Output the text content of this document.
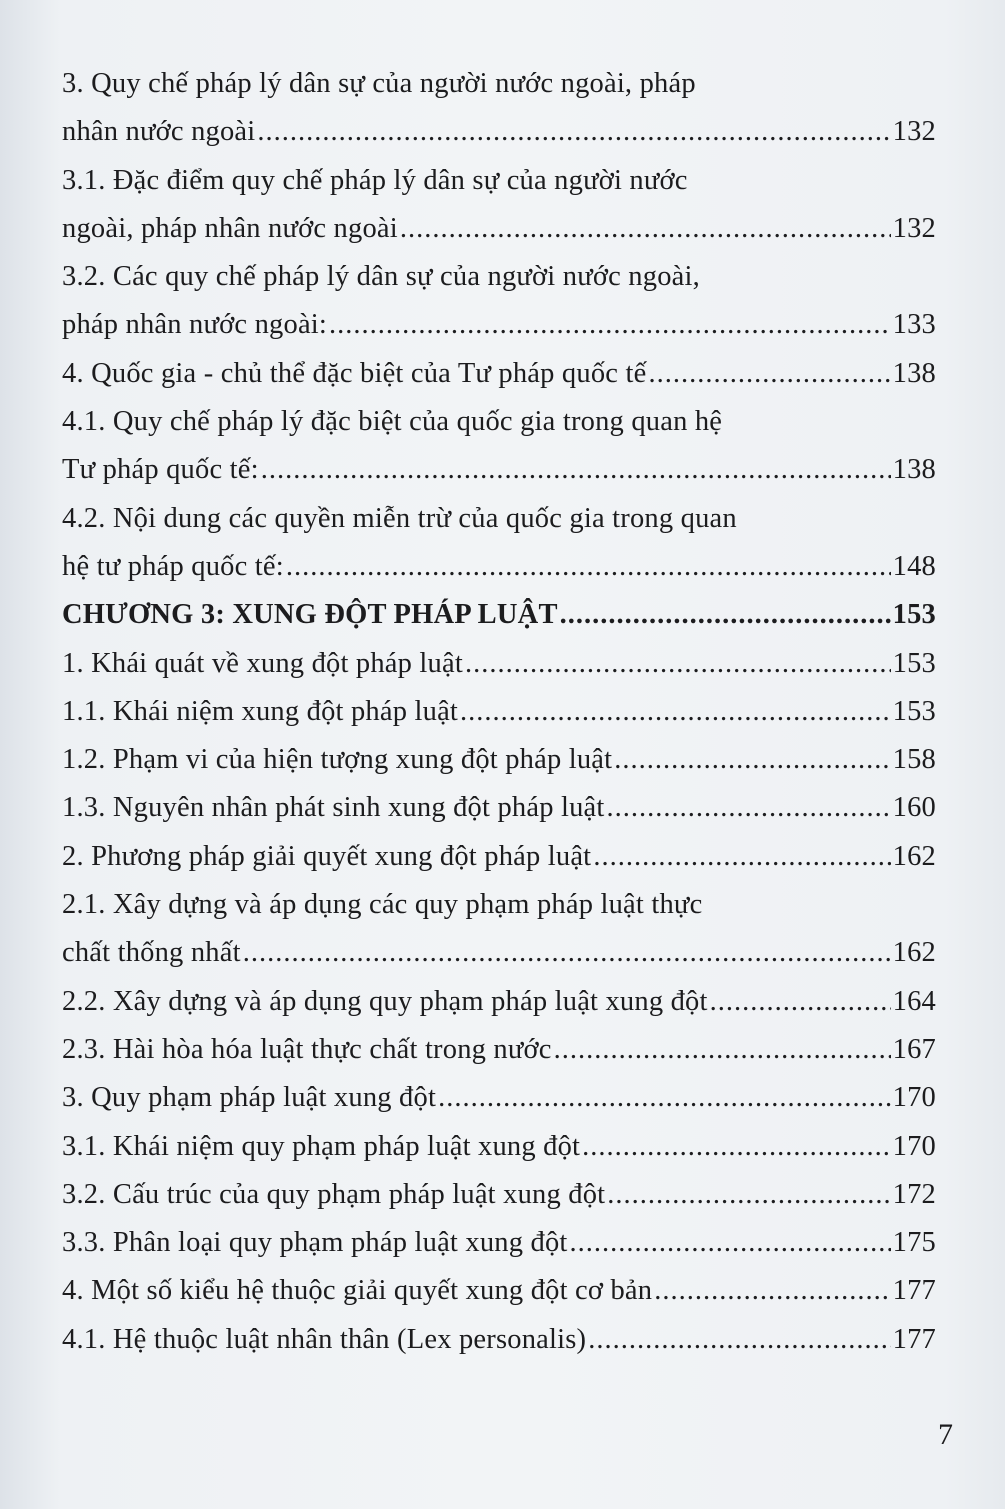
3. Quy chế pháp lý dân sự của người nước ngoài, pháp
nhân nước ngoài .....	132
3.1. Đặc điểm quy chế pháp lý dân sự của người nước
ngoài, pháp nhân nước ngoài .....	132
3.2. Các quy chế pháp lý dân sự của người nước ngoài,
pháp nhân nước ngoài: .....	133
4. Quốc gia - chủ thể đặc biệt của Tư pháp quốc tế .....	138
4.1. Quy chế pháp lý đặc biệt của quốc gia trong quan hệ
Tư pháp quốc tế: .....	138
4.2. Nội dung các quyền miễn trừ của quốc gia trong quan
hệ tư pháp quốc tế: .....	148
CHƯƠNG 3: XUNG ĐỘT PHÁP LUẬT .....	153
1. Khái quát về xung đột pháp luật .....	153
1.1. Khái niệm xung đột pháp luật .....	153
1.2. Phạm vi của hiện tượng xung đột pháp luật .....	158
1.3. Nguyên nhân phát sinh xung đột pháp luật .....	160
2. Phương pháp giải quyết xung đột pháp luật .....	162
2.1. Xây dựng và áp dụng các quy phạm pháp luật thực
chất thống nhất .....	162
2.2. Xây dựng và áp dụng quy phạm pháp luật xung đột .....	164
2.3. Hài hòa hóa luật thực chất trong nước .....	167
3. Quy phạm pháp luật xung đột .....	170
3.1. Khái niệm quy phạm pháp luật xung đột .....	170
3.2. Cấu trúc của quy phạm pháp luật xung đột .....	172
3.3. Phân loại quy phạm pháp luật xung đột .....	175
4. Một số kiểu hệ thuộc giải quyết xung đột cơ bản .....	177
4.1. Hệ thuộc luật nhân thân (Lex personalis) .....	177
7
